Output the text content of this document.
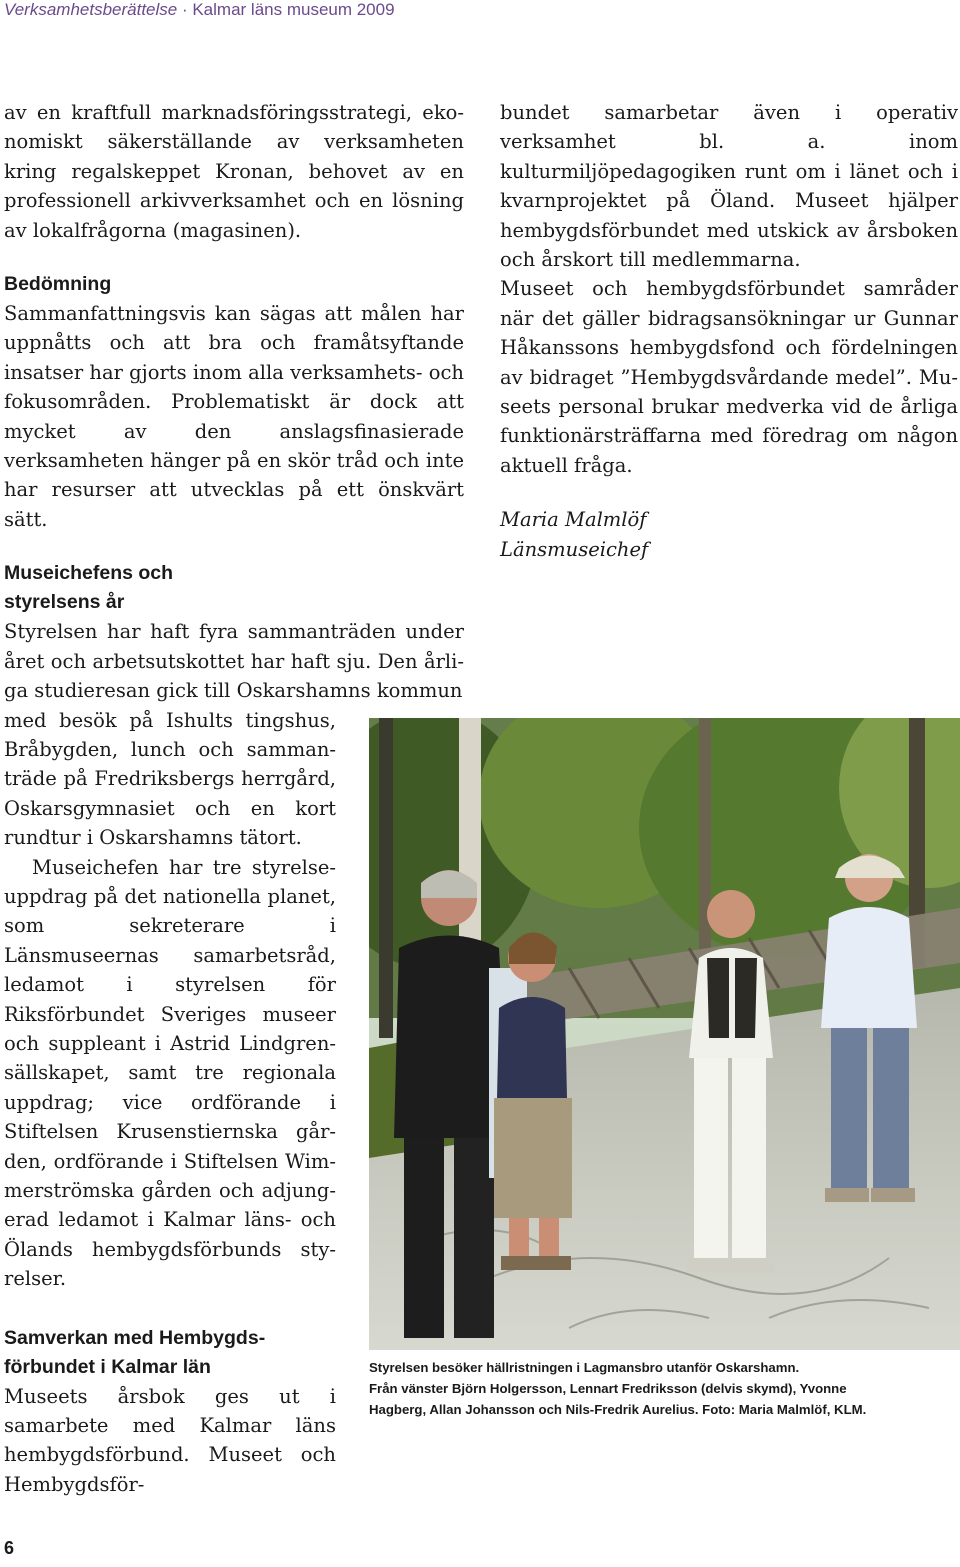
Verksamhetsberättelse · Kalmar läns museum 2009

av en kraftfull marknadsföringsstrategi, ekonomiskt säkerställande av verksamheten kring regalskeppet Kronan, behovet av en professionell arkivverksamhet och en lösning av lokalfrågorna (magasinen).

Bedömning

Sammanfattningsvis kan sägas att målen har uppnåtts och att bra och framåtsyftande insatser har gjorts inom alla verksamhets- och fokusområden. Problematiskt är dock att mycket av den anslagsfinasierade verksamheten hänger på en skör tråd och inte har resurser att utvecklas på ett önskvärt sätt.

Museichefens och
styrelsens år

Styrelsen har haft fyra sammanträden under året och arbetsutskottet har haft sju. Den årliga studieresan gick till Oskarshamns kommun

med besök på Ishults tingshus, Bråbygden, lunch och sammanträde på Fredriksbergs herrgård, Oskarsgymnasiet och en kort rundtur i Oskarshamns tätort.

Museichefen har tre styrelseuppdrag på det nationella planet, som sekreterare i Länsmuseernas samarbetsråd, ledamot i styrelsen för Riksförbundet Sveriges museer och suppleant i Astrid Lindgren-sällskapet, samt tre regionala uppdrag; vice ordförande i Stiftelsen Krusenstiernska gården, ordförande i Stiftelsen Wimmerströmska gården och adjungerad ledamot i Kalmar läns- och Ölands hembygdsförbunds styrelser.

Samverkan med Hembygds-
förbundet i Kalmar län

Museets årsbok ges ut i samarbete med Kalmar läns hembygdsförbund. Museet och Hembygdsför-

bundet samarbetar även i operativ verksamhet bl. a. inom kulturmiljöpedagogiken runt om i länet och i kvarnprojektet på Öland. Museet hjälper hembygdsförbundet med utskick av årsboken och årskort till medlemmarna.

Museet och hembygdsförbundet samråder när det gäller bidragsansökningar ur Gunnar Håkanssons hembygdsfond och fördelningen av bidraget ”Hembygdsvårdande medel”. Museets personal brukar medverka vid de årliga funktionärsträffarna med föredrag om någon aktuell fråga.

Maria Malmlöf

Länsmuseichef

Styrelsen besöker hällristningen i Lagmansbro utanför Oskarshamn.
Från vänster Björn Holgersson, Lennart Fredriksson (delvis skymd), Yvonne
Hagberg, Allan Johansson och Nils-Fredrik Aurelius. Foto: Maria Malmlöf, KLM.
6
